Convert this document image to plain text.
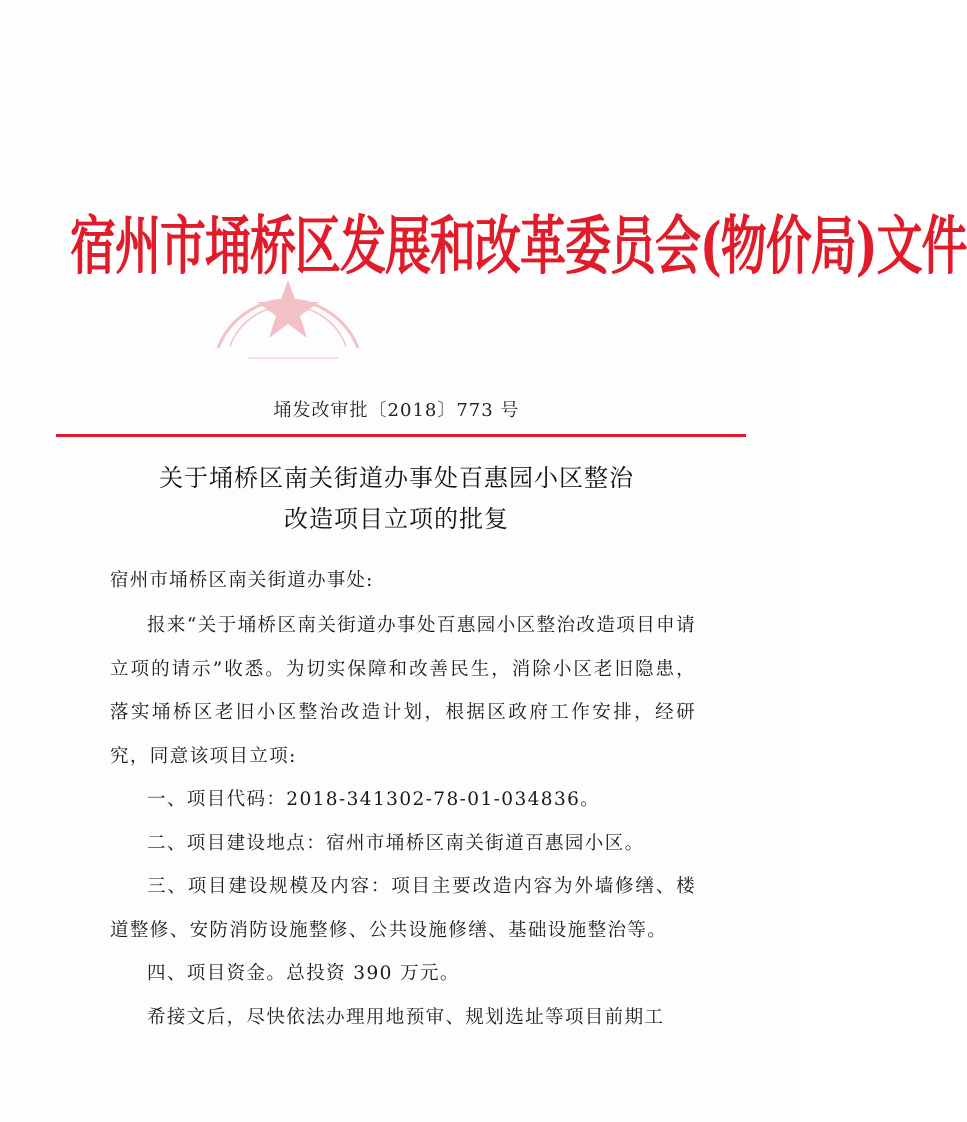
宿州市埇桥区发展和改革委员会(物价局)文件
埇发改审批〔2018〕773 号
关于埇桥区南关街道办事处百惠园小区整治
改造项目立项的批复
宿州市埇桥区南关街道办事处:

报来“关于埇桥区南关街道办事处百惠园小区整治改造项目申请立项的请示”收悉。为切实保障和改善民生，消除小区老旧隐患，落实埇桥区老旧小区整治改造计划，根据区政府工作安排，经研究，同意该项目立项:

一、项目代码：2018-341302-78-01-034836。

二、项目建设地点：宿州市埇桥区南关街道百惠园小区。

三、项目建设规模及内容：项目主要改造内容为外墙修缮、楼道整修、安防消防设施整修、公共设施修缮、基础设施整治等。

四、项目资金。总投资 390 万元。

希接文后，尽快依法办理用地预审、规划选址等项目前期工
